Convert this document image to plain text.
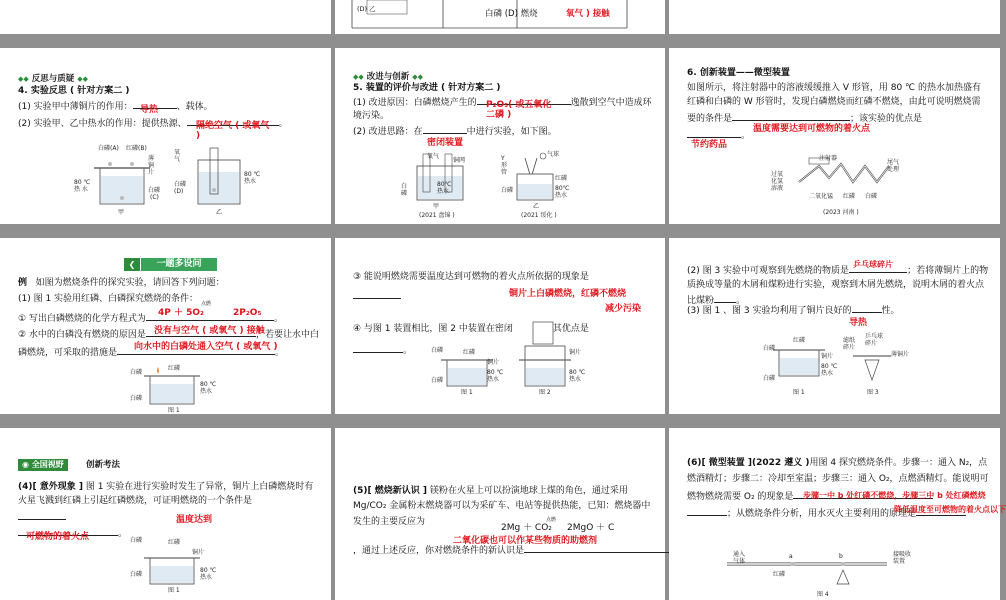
(D) 乙	白磷 (D) 燃烧	氧气 ) 接触
◆◆ 反思与质疑 ◆◆
4. 实验反思 ( 针对方案二 )
(1) 实验甲中薄铜片的作用：	、载体。
导热
(2) 实验甲、乙中热水的作用：提供热源、	。
隔绝空气 ( 或氧气 )
白磷(A) 红磷(B)
薄
铜
片
80 ℃
热 水	白磷
(C)
甲
氧
气
白磷
(D)
80 ℃
热水
乙
◆◆ 改进与创新 ◆◆
5. 装置的评价与改进 ( 针对方案二 )
(1) 改进原因：白磷燃烧产生的	逸散到空气中造成环境污染。
P₂O₅( 或五氧化二磷 )
(2) 改进思路：在	中进行实验，如下图。
密闭装置
氧气
铜网
80℃
热水
白
磷
甲
(2021 盘锦 )
Y
形
管
气球
红磷
80℃
热水
白磷
乙
(2021 绥化 )
6. 创新装置——微型装置
如图所示，将注射器中的溶液缓缓推入 V 形管，用 80 ℃ 的热水加热盛有红磷和白磷的 W 形管时，发现白磷燃烧而红磷不燃烧，由此可说明燃烧需要的条件是	；该实验的优点是
。
温度需要达到可燃物的着火点
节约药品
注射器
尾气
处理
过氧
化氢
溶液
二氧化锰 红磷 白磷
(2023 河南 )
❮	一题多设问
例 如图为燃烧条件的探究实验，请回答下列问题：
(1) 图 1 实验用红磷、白磷探究燃烧的条件：
① 写出白磷燃烧的化学方程式为	。
4P ＋ 5O₂
点燃
2P₂O₅
② 水中的白磷没有燃烧的原因是	，若要让水中白磷燃烧，可采取的措施是	。
没有与空气 ( 或氧气 ) 接触
向水中的白磷处通入空气 ( 或氧气 )
红磷
白磷
80 ℃
热水
白磷
图 1
③ 能说明燃烧需要温度达到可燃物的着火点所依据的现象是
铜片上白磷燃烧，红磷不燃烧
减少污染
④ 与图 1 装置相比，图 2 中装置在密闭	其优点是
。	红磷
白磷
铜片
80 ℃
热水
白磷
图 1
铜片
80 ℃
热水
图 2
(2) 图 3 实验中可观察到先燃烧的物质是	；若将薄铜片上的物质换成等量的木屑和煤粉进行实验，观察到木屑先燃烧，说明木屑的着火点比煤粉 。
乒乓球碎片
(3) 图 1 、图 3 实验均利用了铜片良好的	性。
导热
红磷
白磷
铜片
80 ℃
热水
白磷
图 1
滤纸
碎片
乒乓球
碎片
薄铜片
图 3
◉ 全国视野	创新考法
(4)[ 意外现象 ] 图 1 实验在进行实验时发生了异常，铜片上白磷燃烧时有火星飞溅到红磷上引起红磷燃烧，可证明燃烧的一个条件是

。
温度达到
可燃物的着火点
红磷
白磷
铜片
80 ℃
热水
白磷
图 1
(5)[ 燃烧新认识 ] 镁粉在火星上可以扮演地球上煤的角色，通过采用 Mg/CO₂ 金属粉末燃烧器可以为采矿车、电站等提供热能，已知：燃烧器中发生的主要反应为
，通过上述反应，你对燃烧条件的新认识是
2Mg ＋ CO₂
点燃
2MgO ＋ C
二氧化碳也可以作某些物质的助燃剂
(6)[ 微型装置 ](2022 遵义 )用图 4 探究燃烧条件。步骤一：通入 N₂，点燃酒精灯；步骤二：冷却至室温；步骤三：通入 O₂，点燃酒精灯。能说明可燃物燃烧需要 O₂ 的现象是
；从燃烧条件分析，用水灭火主要利用的原理是
步骤一中 b 处红磷不燃烧，步骤三中 b 处红磷燃烧
降低温度至可燃物的着火点以下
通入
气体
红磷
a	b	接吸收
装置
图 4
